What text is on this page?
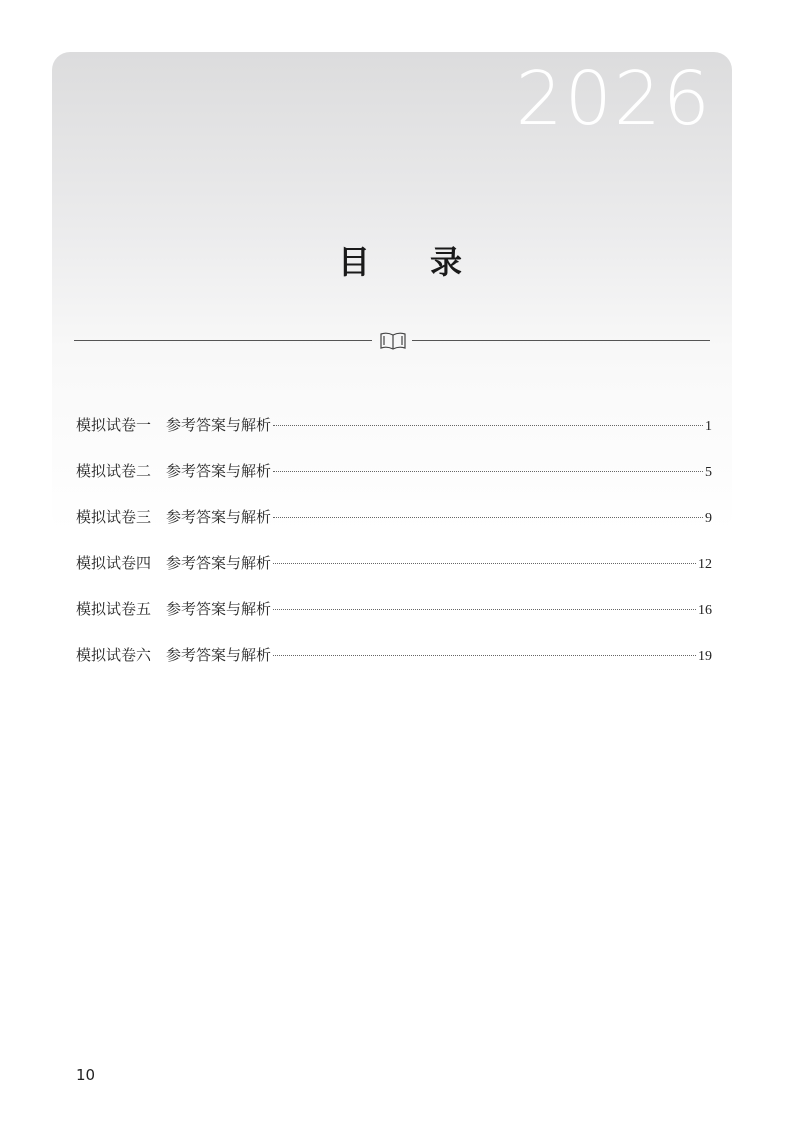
2026
目 录
模拟试卷一 参考答案与解析	1
模拟试卷二 参考答案与解析	5
模拟试卷三 参考答案与解析	9
模拟试卷四 参考答案与解析	12
模拟试卷五 参考答案与解析	16
模拟试卷六 参考答案与解析	19
10
